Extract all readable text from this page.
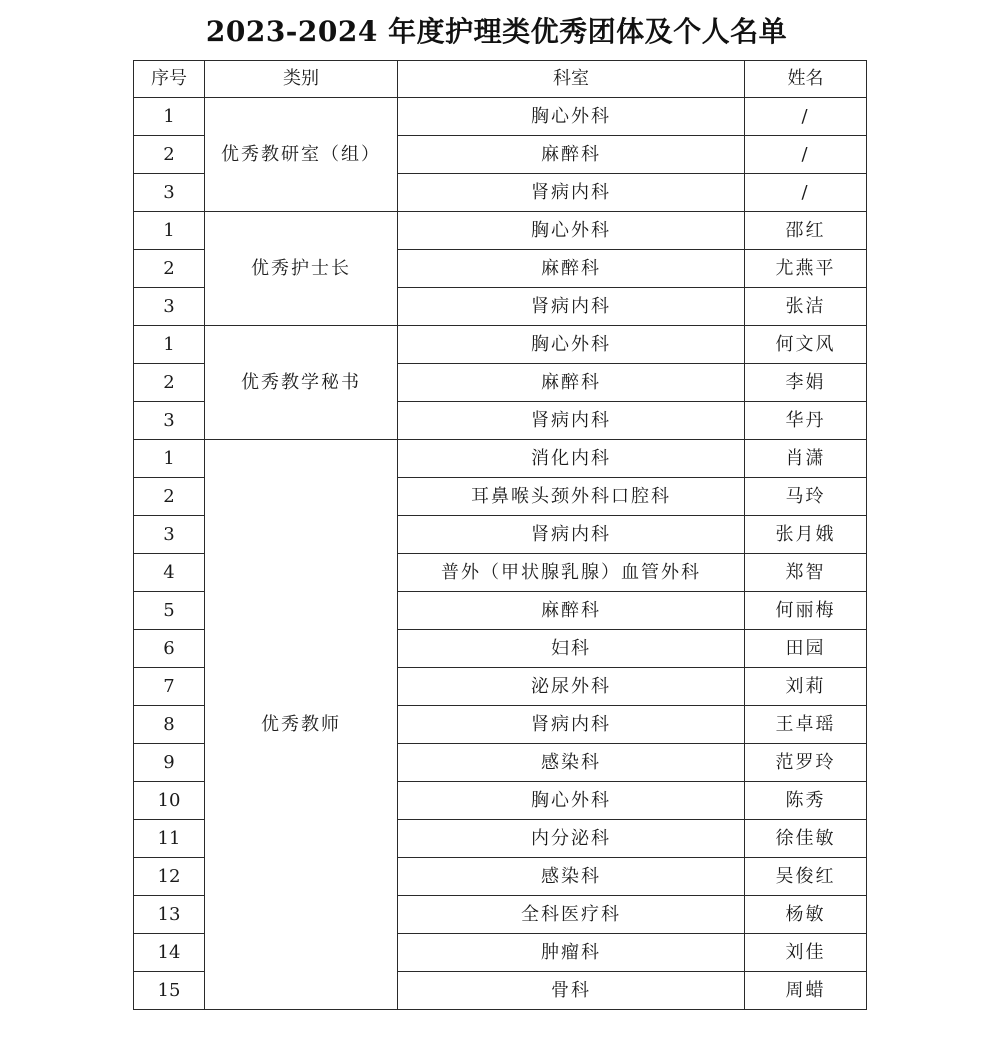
2023-2024 年度护理类优秀团体及个人名单
序号	类别	科室	姓名
1	优秀教研室（组）	胸心外科	/
2		麻醉科	/
3		肾病内科	/
1	优秀护士长	胸心外科	邵红
2		麻醉科	尤燕平
3		肾病内科	张洁
1	优秀教学秘书	胸心外科	何文风
2		麻醉科	李娟
3		肾病内科	华丹
1	优秀教师	消化内科	肖潇
2		耳鼻喉头颈外科口腔科	马玲
3		肾病内科	张月娥
4		普外（甲状腺乳腺）血管外科	郑智
5		麻醉科	何丽梅
6		妇科	田园
7		泌尿外科	刘莉
8		肾病内科	王卓瑶
9		感染科	范罗玲
10		胸心外科	陈秀
11		内分泌科	徐佳敏
12		感染科	吴俊红
13		全科医疗科	杨敏
14		肿瘤科	刘佳
15		骨科	周蜡
